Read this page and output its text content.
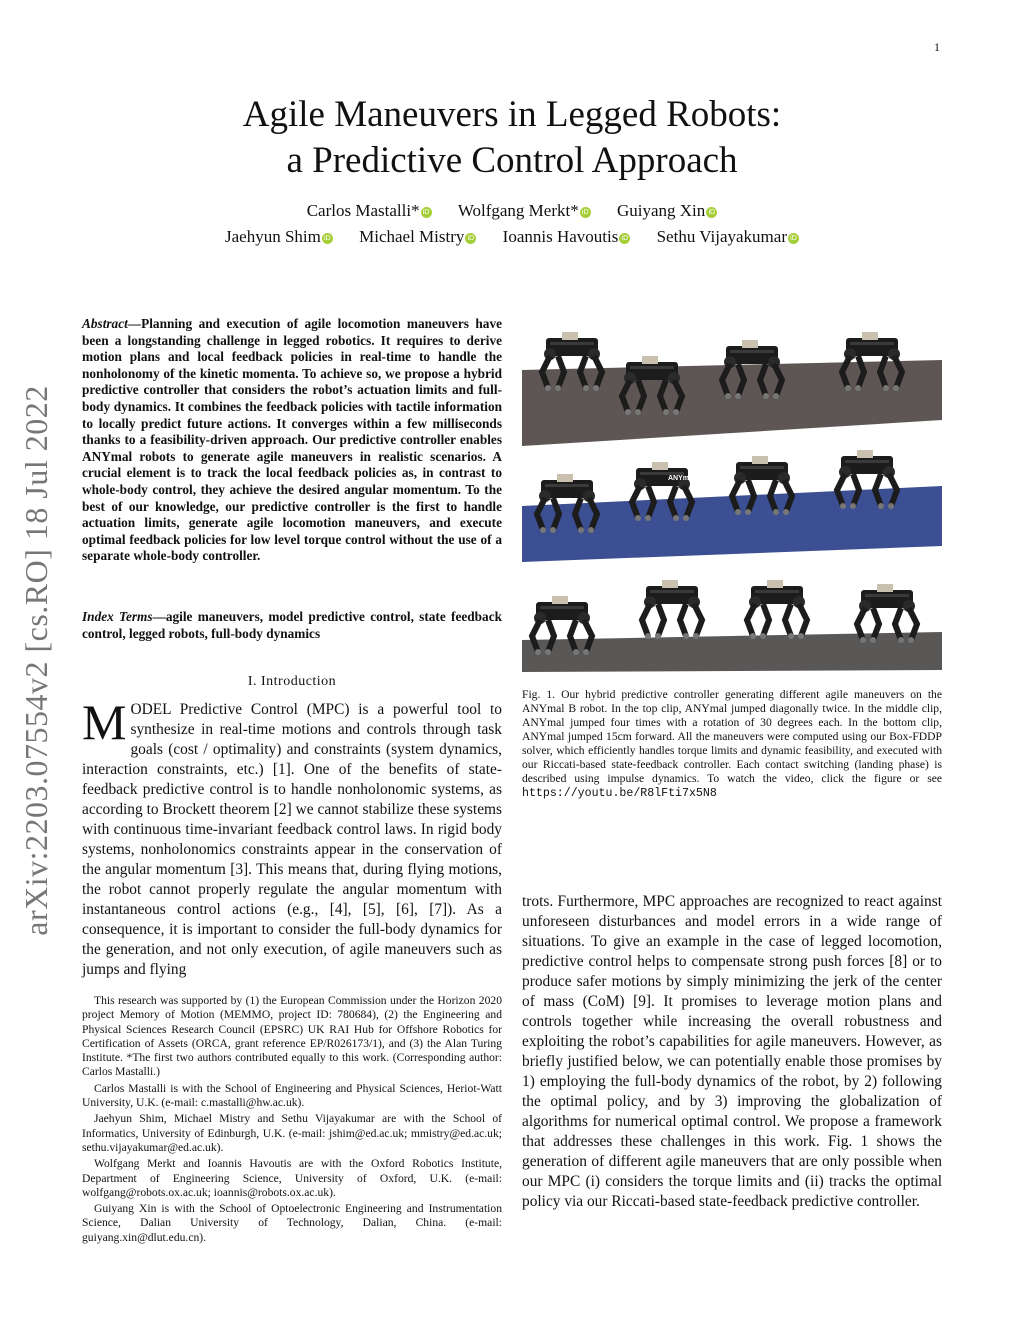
1
arXiv:2203.07554v2 [cs.RO] 18 Jul 2022
Agile Maneuvers in Legged Robots:
a Predictive Control Approach
Carlos Mastalli* iD Wolfgang Merkt* iD Guiyang Xin iD
Jaehyun Shim iD Michael Mistry iD Ioannis Havoutis iD Sethu Vijayakumar iD
Abstract—Planning and execution of agile locomotion maneuvers have been a longstanding challenge in legged robotics. It requires to derive motion plans and local feedback policies in real-time to handle the nonholonomy of the kinetic momenta. To achieve so, we propose a hybrid predictive controller that considers the robot’s actuation limits and full-body dynamics. It combines the feedback policies with tactile information to locally predict future actions. It converges within a few milliseconds thanks to a feasibility-driven approach. Our predictive controller enables ANYmal robots to generate agile maneuvers in realistic scenarios. A crucial element is to track the local feedback policies as, in contrast to whole-body control, they achieve the desired angular momentum. To the best of our knowledge, our predictive controller is the first to handle actuation limits, generate agile locomotion maneuvers, and execute optimal feedback policies for low level torque control without the use of a separate whole-body controller.
Index Terms—agile maneuvers, model predictive control, state feedback control, legged robots, full-body dynamics
I. Introduction
MODEL Predictive Control (MPC) is a powerful tool to synthesize in real-time motions and controls through task goals (cost / optimality) and constraints (system dynamics, interaction constraints, etc.) [1]. One of the benefits of state-feedback predictive control is to handle nonholonomic systems, as according to Brockett theorem [2] we cannot stabilize these systems with continuous time-invariant feedback control laws. In rigid body systems, nonholonomics constraints appear in the conservation of the angular momentum [3]. This means that, during flying motions, the robot cannot properly regulate the angular momentum with instantaneous control actions (e.g., [4], [5], [6], [7]). As a consequence, it is important to consider the full-body dynamics for the generation, and not only execution, of agile maneuvers such as jumps and flying

This research was supported by (1) the European Commission under the Horizon 2020 project Memory of Motion (MEMMO, project ID: 780684), (2) the Engineering and Physical Sciences Research Council (EPSRC) UK RAI Hub for Offshore Robotics for Certification of Assets (ORCA, grant reference EP/R026173/1), and (3) the Alan Turing Institute. *The first two authors contributed equally to this work. (Corresponding author: Carlos Mastalli.)

Carlos Mastalli is with the School of Engineering and Physical Sciences, Heriot-Watt University, U.K. (e-mail: c.mastalli@hw.ac.uk).

Jaehyun Shim, Michael Mistry and Sethu Vijayakumar are with the School of Informatics, University of Edinburgh, U.K. (e-mail: jshim@ed.ac.uk; mmistry@ed.ac.uk; sethu.vijayakumar@ed.ac.uk).

Wolfgang Merkt and Ioannis Havoutis are with the Oxford Robotics Institute, Department of Engineering Science, University of Oxford, U.K. (e-mail: wolfgang@robots.ox.ac.uk; ioannis@robots.ox.ac.uk).

Guiyang Xin is with the School of Optoelectronic Engineering and Instrumentation Science, Dalian University of Technology, Dalian, China. (e-mail: guiyang.xin@dlut.edu.cn).

ANYmal
Fig. 1. Our hybrid predictive controller generating different agile maneuvers on the ANYmal B robot. In the top clip, ANYmal jumped diagonally twice. In the middle clip, ANYmal jumped four times with a rotation of 30 degrees each. In the bottom clip, ANYmal jumped 15cm forward. All the maneuvers were computed using our Box-FDDP solver, which efficiently handles torque limits and dynamic feasibility, and executed with our Riccati-based state-feedback controller. Each contact switching (landing phase) is described using impulse dynamics. To watch the video, click the figure or see https://youtu.be/R8lFti7x5N8
trots. Furthermore, MPC approaches are recognized to react against unforeseen disturbances and model errors in a wide range of situations. To give an example in the case of legged locomotion, predictive control helps to compensate strong push forces [8] or to produce safer motions by simply minimizing the jerk of the center of mass (CoM) [9]. It promises to leverage motion plans and controls together while increasing the overall robustness and exploiting the robot’s capabilities for agile maneuvers. However, as briefly justified below, we can potentially enable those promises by 1) employing the full-body dynamics of the robot, by 2) following the optimal policy, and by 3) improving the globalization of algorithms for numerical optimal control. We propose a framework that addresses these challenges in this work. Fig. 1 shows the generation of different agile maneuvers that are only possible when our MPC (i) considers the torque limits and (ii) tracks the optimal policy via our Riccati-based state-feedback predictive controller.
